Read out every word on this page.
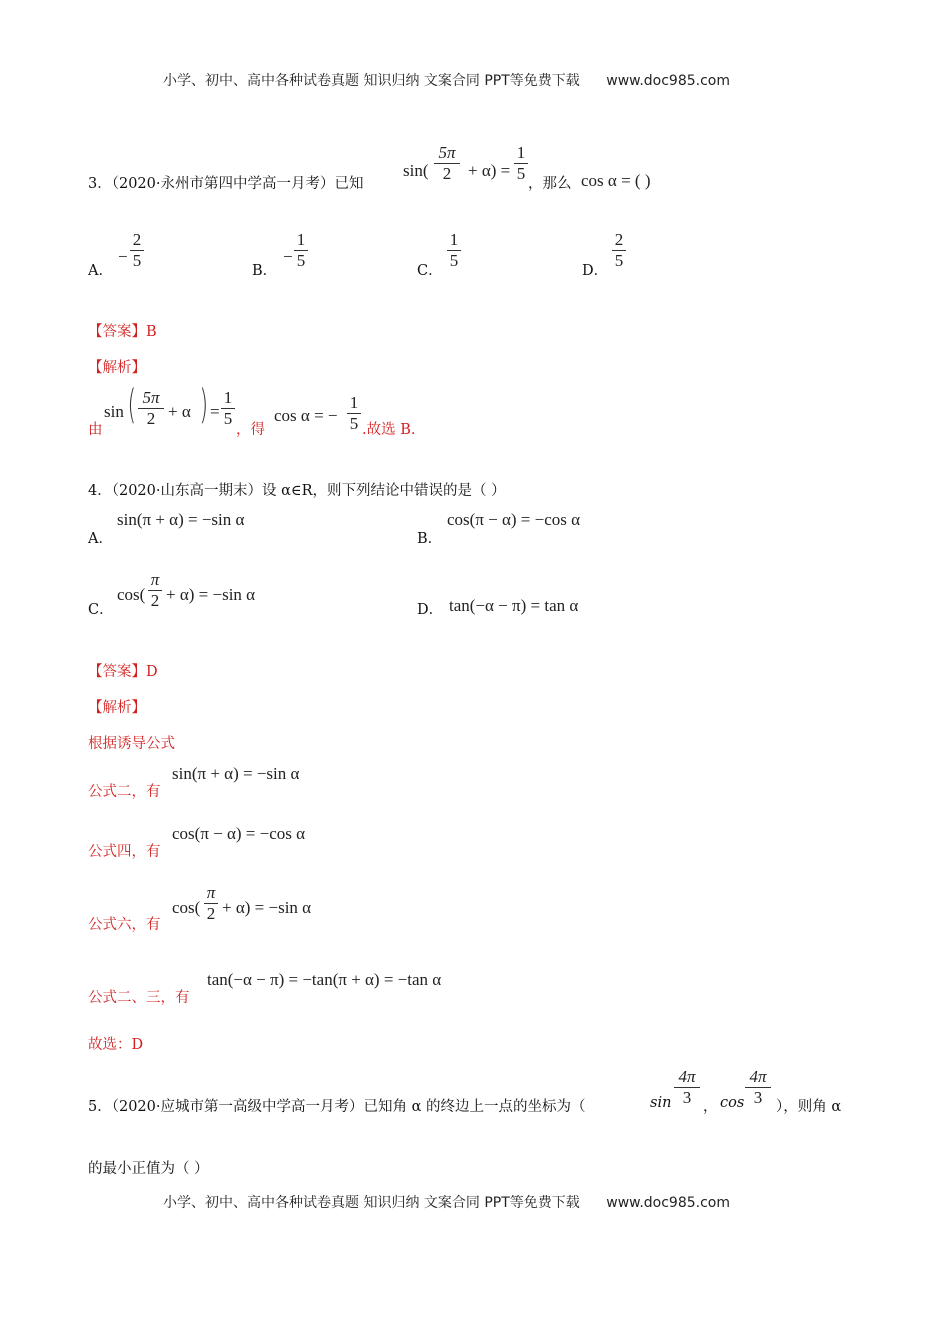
小学、初中、高中各种试卷真题 知识归纳 文案合同 PPT等免费下载 www.doc985.com
3．（2020·永州市第四中学高一月考）已知
$\sin( \frac{5\pi}{2} + \alpha) = \frac{1}{5}$ ，那么 cos α = ( )
A．
− $\frac{2}{5}$	B．
− $\frac{1}{5}$	C． $\frac{1}{5}$	D． $\frac{2}{5}$
【答案】B
【解析】
由
sin ( $\frac{5\pi}{2} + \alpha$ ) = $\frac{1}{5}$
，得
cos α = − $\frac{1}{5}$ .故选 B.
4．（2020·山东高一期末）设 α∈R，则下列结论中错误的是（ ）
A．
sin(π + α) = −sin α
B．
cos(π − α) = −cos α
C．
$\cos( \frac{\pi}{2} + \alpha) = -\sin$ α
D． tan(−α − π) = tan α
【答案】D
【解析】
根据诱导公式
公式二，有
sin(π + α) = −sin α
公式四，有
cos(π − α) = −cos α
公式六，有
$\cos( \frac{\pi}{2} + \alpha) = -\sin$ α
公式二、三，有
tan(−α − π) = −tan(π + α) = −tan α
故选：D
5．（2020·应城市第一高级中学高一月考）已知角 α 的终边上一点的坐标为（	$\sin \frac{4\pi}{3}$ ， $\cos \frac{4\pi}{3}$ ），则角 α
的最小正值为（ ）
小学、初中、高中各种试卷真题 知识归纳 文案合同 PPT等免费下载 www.doc985.com
